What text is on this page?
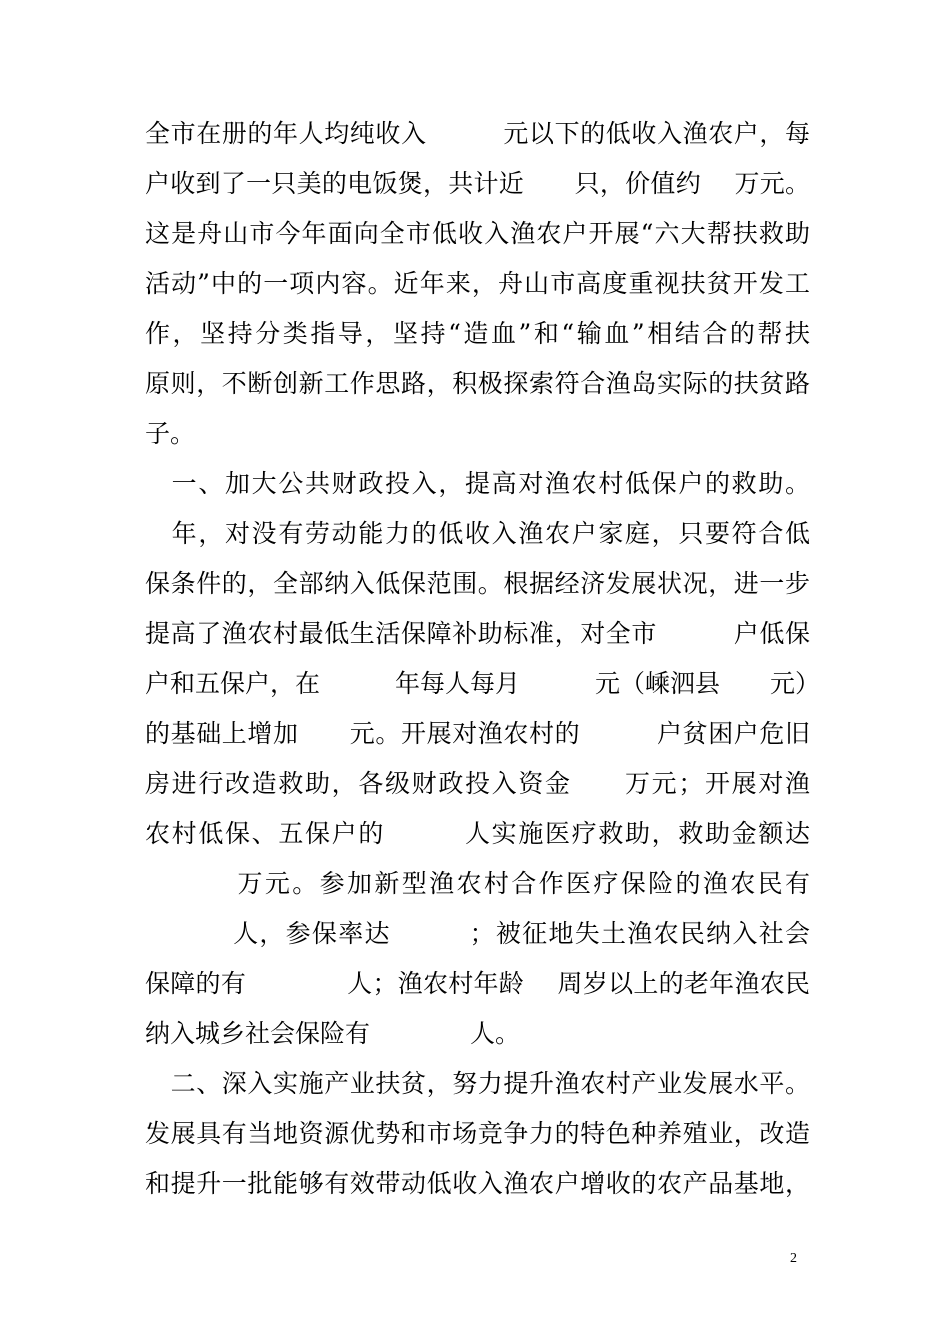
全市在册的年人均纯收入　　　元以下的低收入渔农户，每
户收到了一只美的电饭煲，共计近　　只，价值约　 万元。
这是舟山市今年面向全市低收入渔农户开展“六大帮扶救助
活动”中的一项内容。近年来，舟山市高度重视扶贫开发工
作，坚持分类指导，坚持“造血”和“输血”相结合的帮扶
原则，不断创新工作思路，积极探索符合渔岛实际的扶贫路
子。
　一、加大公共财政投入，提高对渔农村低保户的救助。
　年，对没有劳动能力的低收入渔农户家庭，只要符合低
保条件的，全部纳入低保范围。根据经济发展状况，进一步
提高了渔农村最低生活保障补助标准，对全市　　　户低保
户和五保户，在　　　年每人每月　　　元（嵊泗县　　元）
的基础上增加　　元。开展对渔农村的　　　户贫困户危旧
房进行改造救助，各级财政投入资金　　万元；开展对渔
农村低保、五保户的　　　人实施医疗救助，救助金额达
　　　 万元。参加新型渔农村合作医疗保险的渔农民有
　　　 人，参保率达　　　；被征地失土渔农民纳入社会
保障的有　　　　人；渔农村年龄　 周岁以上的老年渔农民
纳入城乡社会保险有　　　　人。
　二、深入实施产业扶贫，努力提升渔农村产业发展水平。
发展具有当地资源优势和市场竞争力的特色种养殖业，改造
和提升一批能够有效带动低收入渔农户增收的农产品基地，
2
